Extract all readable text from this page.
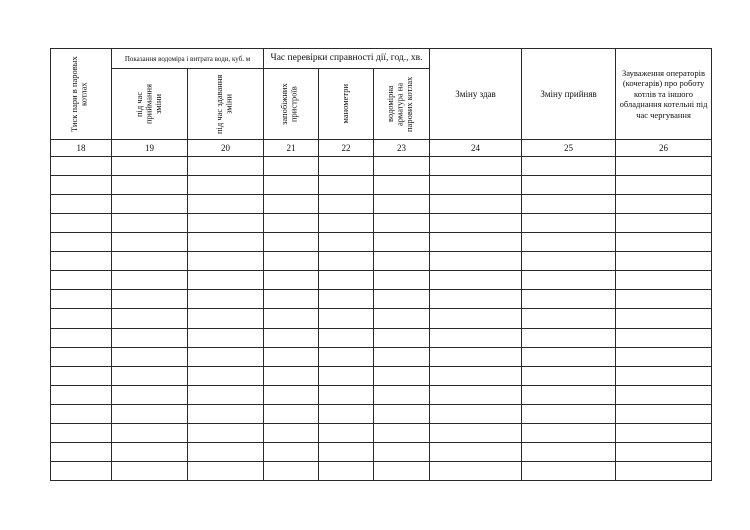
Тиск пари в паровых котлах	Показання водоміра і витрата води, куб. м		Час перевірки справності дії, год., хв.			Зміну здав	Зміну прийняв	Зауваження операторів (кочегарів) про роботу котлів та іншого обладнання котельні під час чергування

	під час приймання зміни	під час здавання зміни	запобіжних пристроїв	манометри	водомірна арматура на парових котлах			

18	19	20	21	22	23	24	25	26
